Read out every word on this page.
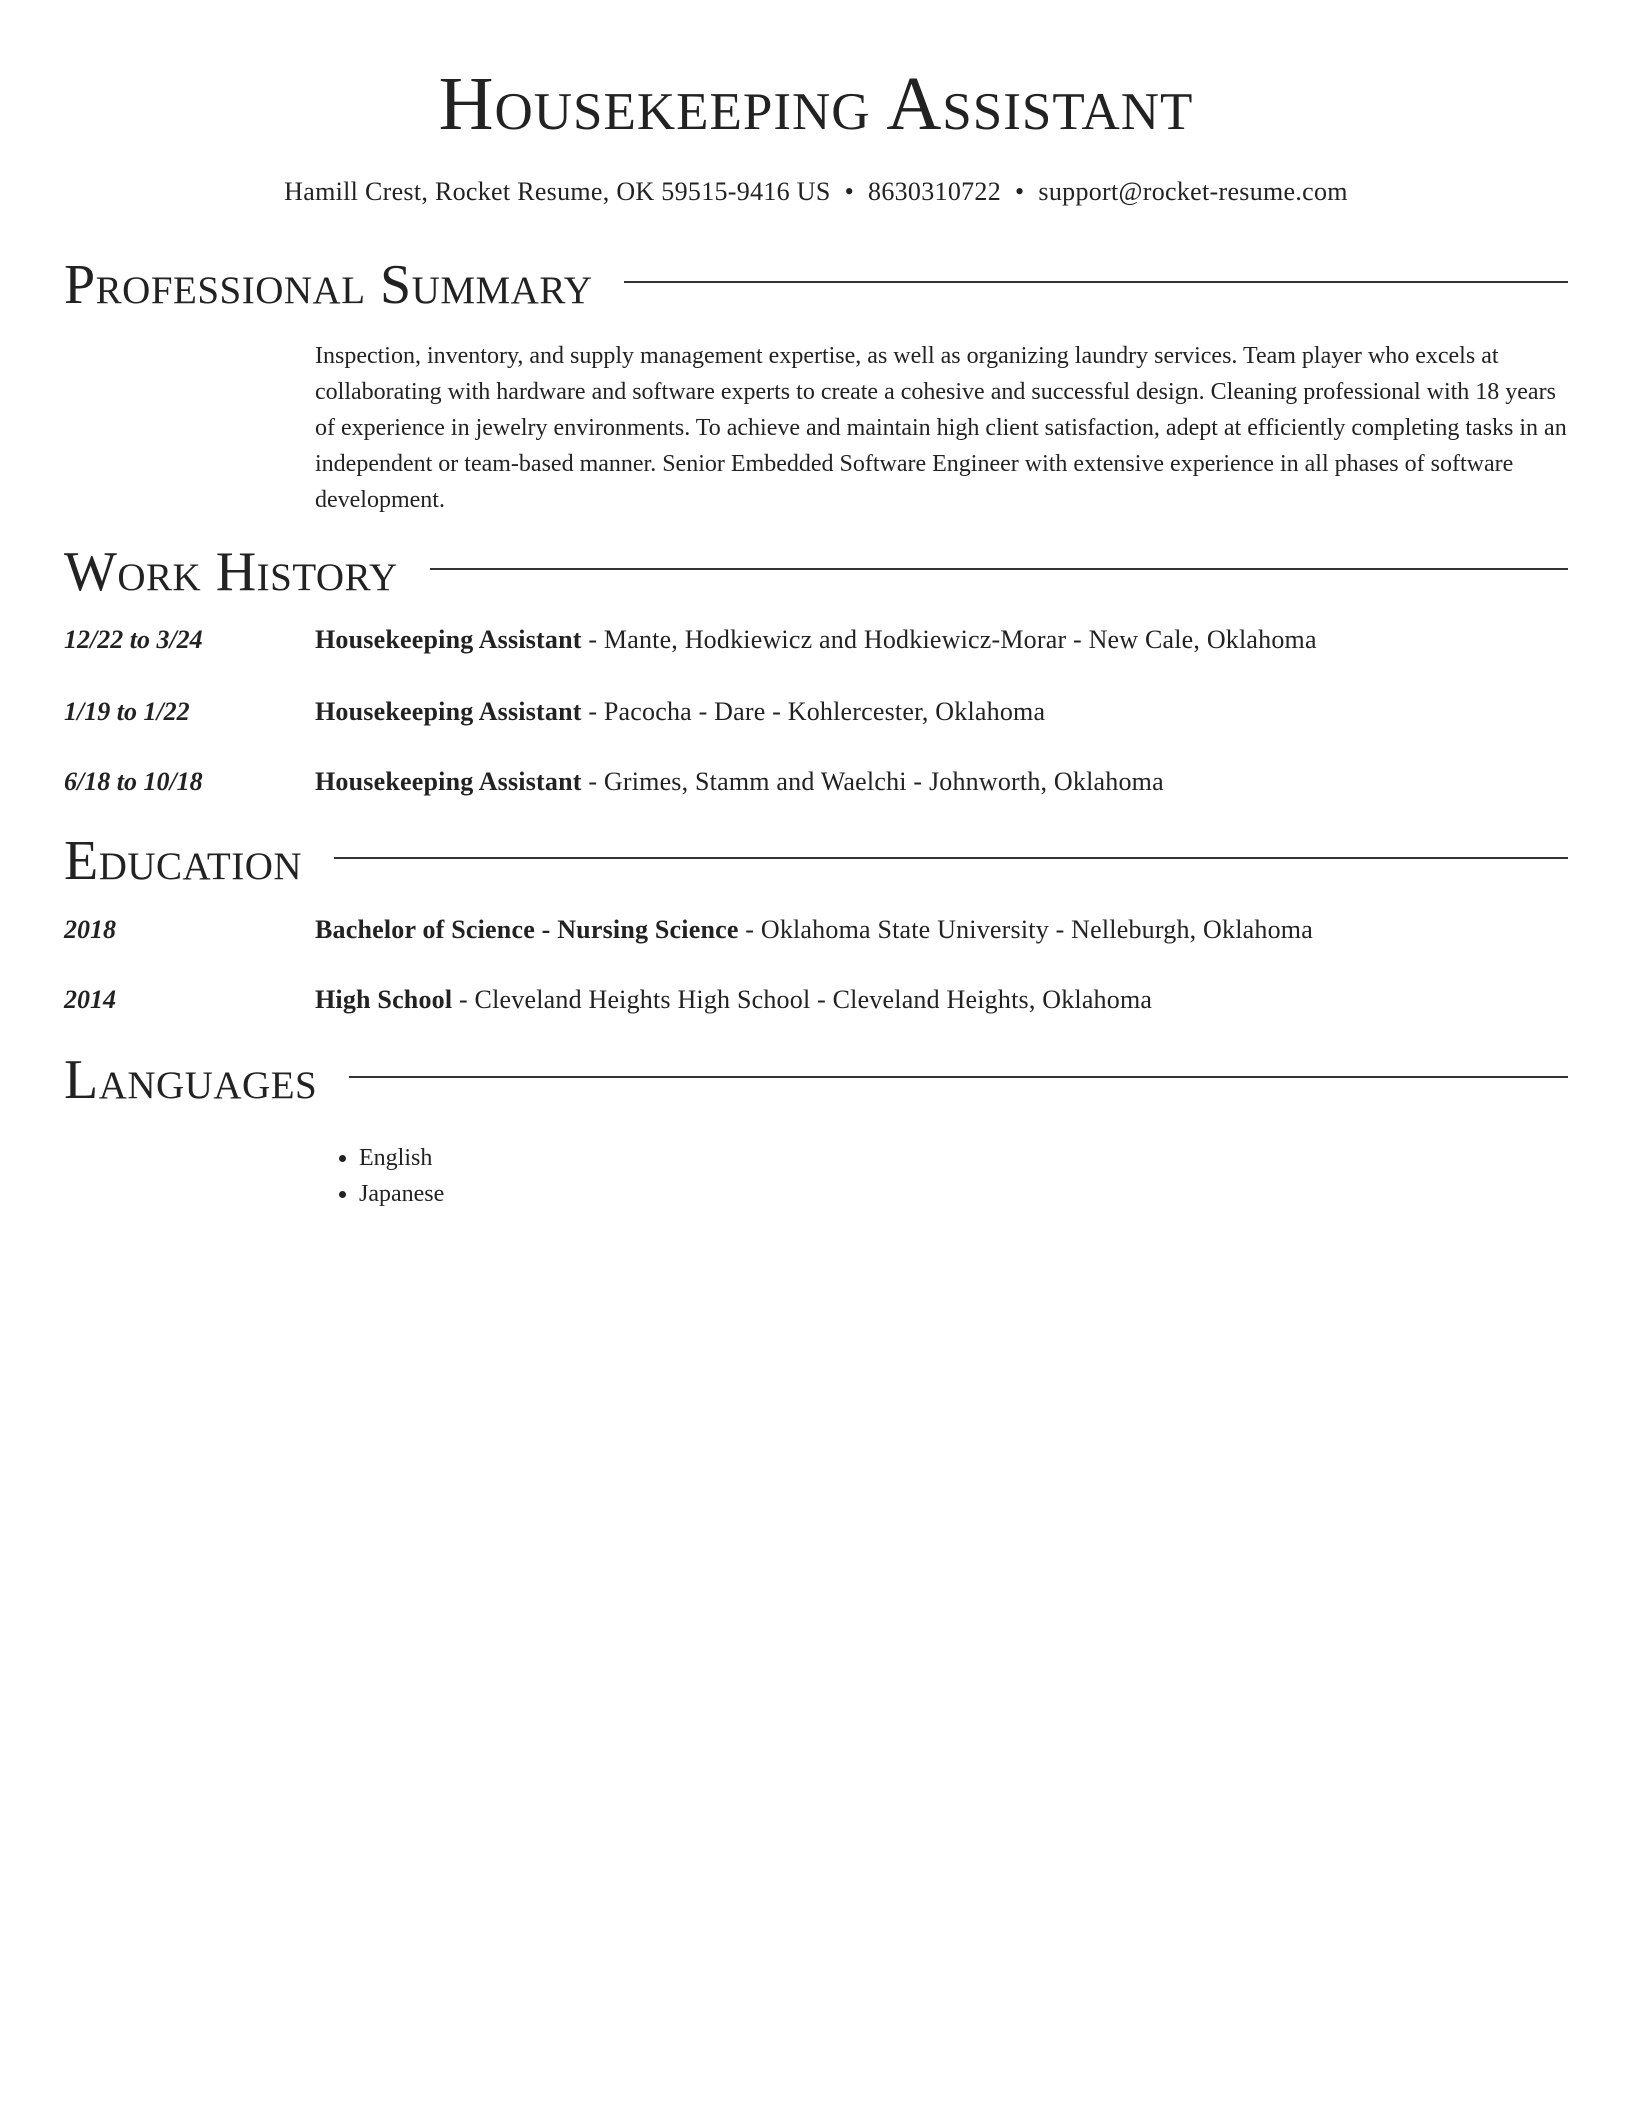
Housekeeping Assistant
Hamill Crest, Rocket Resume, OK 59515-9416 US • 8630310722 • support@rocket-resume.com
Professional Summary
Inspection, inventory, and supply management expertise, as well as organizing laundry services. Team player who excels at collaborating with hardware and software experts to create a cohesive and successful design. Cleaning professional with 18 years of experience in jewelry environments. To achieve and maintain high client satisfaction, adept at efficiently completing tasks in an independent or team-based manner. Senior Embedded Software Engineer with extensive experience in all phases of software development.
Work History
12/22 to 3/24	Housekeeping Assistant - Mante, Hodkiewicz and Hodkiewicz-Morar - New Cale, Oklahoma
1/19 to 1/22	Housekeeping Assistant - Pacocha - Dare - Kohlercester, Oklahoma
6/18 to 10/18	Housekeeping Assistant - Grimes, Stamm and Waelchi - Johnworth, Oklahoma
Education
2018	Bachelor of Science - Nursing Science - Oklahoma State University - Nelleburgh, Oklahoma
2014	High School - Cleveland Heights High School - Cleveland Heights, Oklahoma
Languages
• English
• Japanese
